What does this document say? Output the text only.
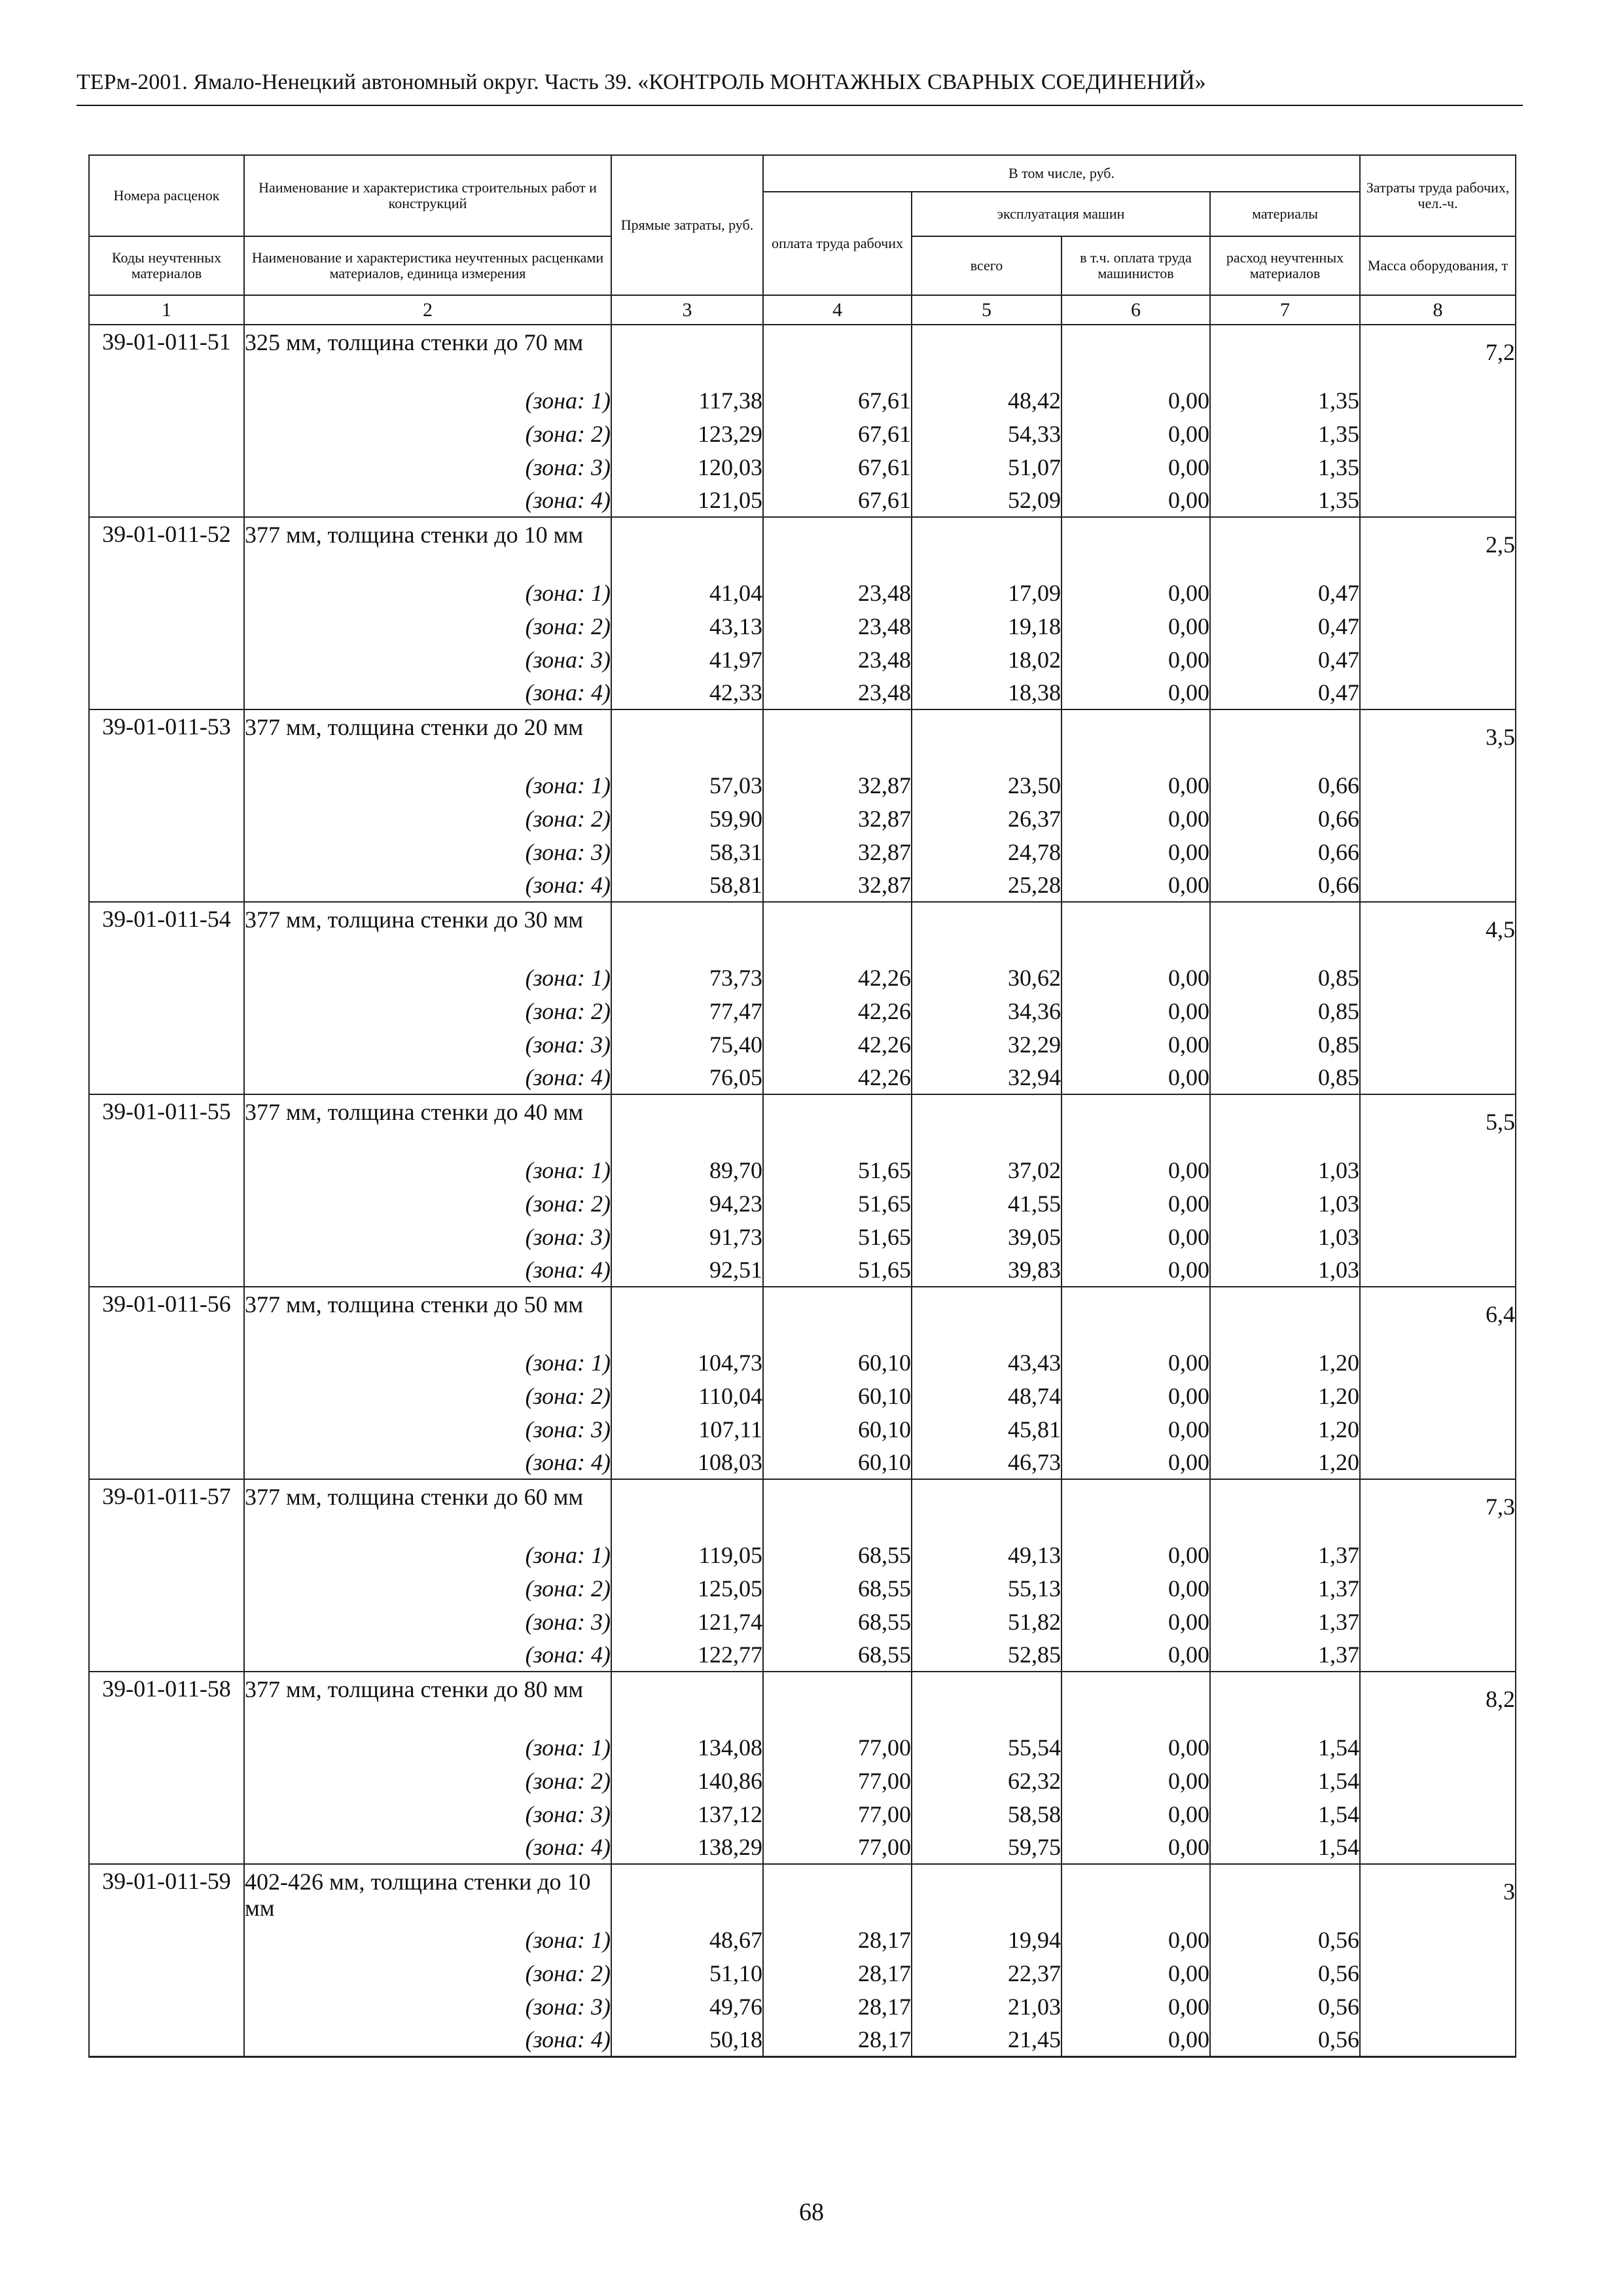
ТЕРм-2001. Ямало-Ненецкий автономный округ. Часть 39. «КОНТРОЛЬ МОНТАЖНЫХ СВАРНЫХ СОЕДИНЕНИЙ»
Номера расценок	Наименование и характеристика строительных работ и конструкций	Прямые затраты, руб.	В том числе, руб.				Затраты труда рабочих, чел.-ч.
			оплата труда рабочих	эксплуатация машин		материалы	
Коды неучтенных материалов	Наименование и характеристика неучтенных расценками материалов, единица измерения			всего	в т.ч. оплата труда машинистов	расход неучтенных материалов	Масса оборудования, т
1	2	3	4	5	6	7	8
39-01-011-51	325 мм, толщина стенки до 70 мм						7,2
	(зона: 1)	117,38	67,61	48,42	0,00	1,35	
	(зона: 2)	123,29	67,61	54,33	0,00	1,35	
	(зона: 3)	120,03	67,61	51,07	0,00	1,35	
	(зона: 4)	121,05	67,61	52,09	0,00	1,35	
39-01-011-52	377 мм, толщина стенки до 10 мм						2,5
	(зона: 1)	41,04	23,48	17,09	0,00	0,47	
	(зона: 2)	43,13	23,48	19,18	0,00	0,47	
	(зона: 3)	41,97	23,48	18,02	0,00	0,47	
	(зона: 4)	42,33	23,48	18,38	0,00	0,47	
39-01-011-53	377 мм, толщина стенки до 20 мм						3,5
	(зона: 1)	57,03	32,87	23,50	0,00	0,66	
	(зона: 2)	59,90	32,87	26,37	0,00	0,66	
	(зона: 3)	58,31	32,87	24,78	0,00	0,66	
	(зона: 4)	58,81	32,87	25,28	0,00	0,66	
39-01-011-54	377 мм, толщина стенки до 30 мм						4,5
	(зона: 1)	73,73	42,26	30,62	0,00	0,85	
	(зона: 2)	77,47	42,26	34,36	0,00	0,85	
	(зона: 3)	75,40	42,26	32,29	0,00	0,85	
	(зона: 4)	76,05	42,26	32,94	0,00	0,85	
39-01-011-55	377 мм, толщина стенки до 40 мм						5,5
	(зона: 1)	89,70	51,65	37,02	0,00	1,03	
	(зона: 2)	94,23	51,65	41,55	0,00	1,03	
	(зона: 3)	91,73	51,65	39,05	0,00	1,03	
	(зона: 4)	92,51	51,65	39,83	0,00	1,03	
39-01-011-56	377 мм, толщина стенки до 50 мм						6,4
	(зона: 1)	104,73	60,10	43,43	0,00	1,20	
	(зона: 2)	110,04	60,10	48,74	0,00	1,20	
	(зона: 3)	107,11	60,10	45,81	0,00	1,20	
	(зона: 4)	108,03	60,10	46,73	0,00	1,20	
39-01-011-57	377 мм, толщина стенки до 60 мм						7,3
	(зона: 1)	119,05	68,55	49,13	0,00	1,37	
	(зона: 2)	125,05	68,55	55,13	0,00	1,37	
	(зона: 3)	121,74	68,55	51,82	0,00	1,37	
	(зона: 4)	122,77	68,55	52,85	0,00	1,37	
39-01-011-58	377 мм, толщина стенки до 80 мм						8,2
	(зона: 1)	134,08	77,00	55,54	0,00	1,54	
	(зона: 2)	140,86	77,00	62,32	0,00	1,54	
	(зона: 3)	137,12	77,00	58,58	0,00	1,54	
	(зона: 4)	138,29	77,00	59,75	0,00	1,54	
39-01-011-59	402-426 мм, толщина стенки до 10 мм						3
	(зона: 1)	48,67	28,17	19,94	0,00	0,56	
	(зона: 2)	51,10	28,17	22,37	0,00	0,56	
	(зона: 3)	49,76	28,17	21,03	0,00	0,56	
	(зона: 4)	50,18	28,17	21,45	0,00	0,56	
68
